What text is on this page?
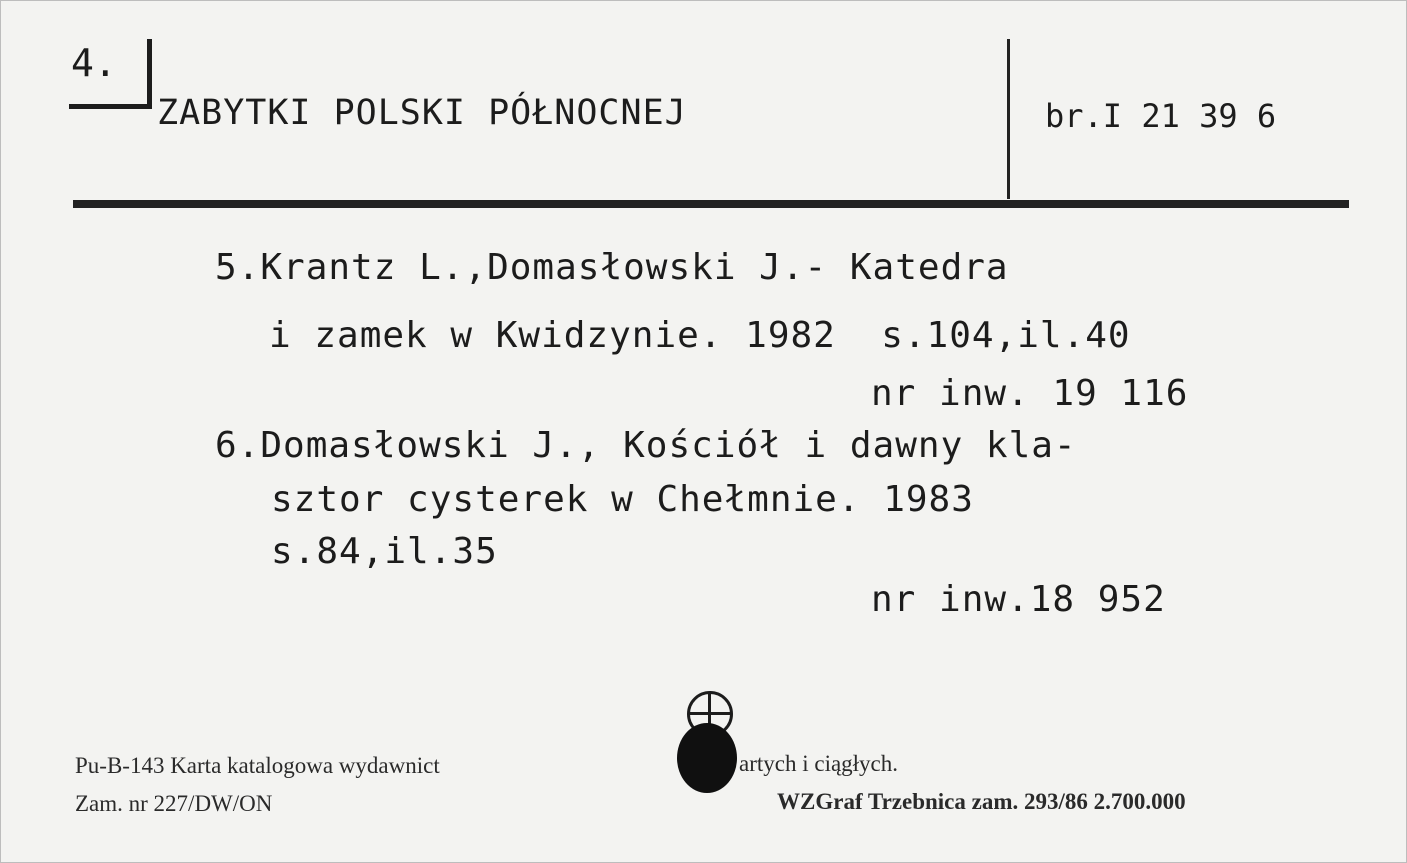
4.
ZABYTKI POLSKI PÓŁNOCNEJ	br.I 21 39 6
5.Krantz L.,Domasłowski J.- Katedra
i zamek w Kwidzynie. 1982  s.104,il.40
nr inw. 19 116
6.Domasłowski J., Kościół i dawny kla-
sztor cysterek w Chełmnie. 1983
s.84,il.35
nr inw.18 952
Pu-B-143 Karta katalogowa wydawnict	artych i ciągłych.
Zam. nr 227/DW/ON	WZGraf Trzebnica zam. 293/86 2.700.000
